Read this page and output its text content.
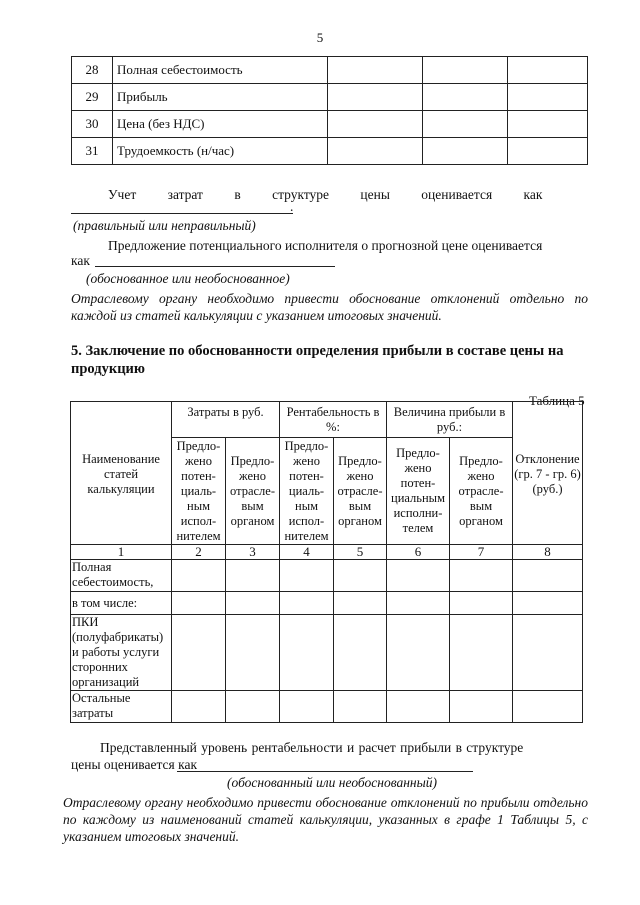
5
28	Полная себестоимость			
29	Прибыль			
30	Цена (без НДС)			
31	Трудоемкость (н/час)			
Учет затрат в структуре цены оценивается как
.
(правильный или неправильный)
Предложение потенциального исполнителя о прогнозной цене оценивается
как
(обоснованное или необоснованное)
Отраслевому органу необходимо привести обоснование отклонений отдельно по каждой из статей калькуляции с указанием итоговых значений.
5. Заключение по обоснованности определения прибыли в составе цены на продукцию
Таблица 5
Наименование статей калькуляции	Затраты в руб.		Рентабельность в %:		Величина прибыли в руб.:		Отклонение (гр. 7 - гр. 6) (руб.)
	Предло-жено потен-циаль-ным испол-нителем	Предло-жено отрасле-вым органом	Предло-жено потен-циаль-ным испол-нителем	Предло-жено отрасле-вым органом	Предло-жено потен-циальным исполни-телем	Предло-жено отрасле-вым органом	
1	2	3	4	5	6	7	8
Полная себестоимость,							
в том числе:							
ПКИ (полуфабрикаты) и работы услуги сторонних организаций							
Остальные затраты							
Представленный уровень рентабельности и расчет прибыли в структуре
цены оценивается как
(обоснованный или необоснованный)
Отраслевому органу необходимо привести обоснование отклонений по прибыли отдельно по каждому из наименований статей калькуляции, указанных в графе 1 Таблицы 5, с указанием итоговых значений.
